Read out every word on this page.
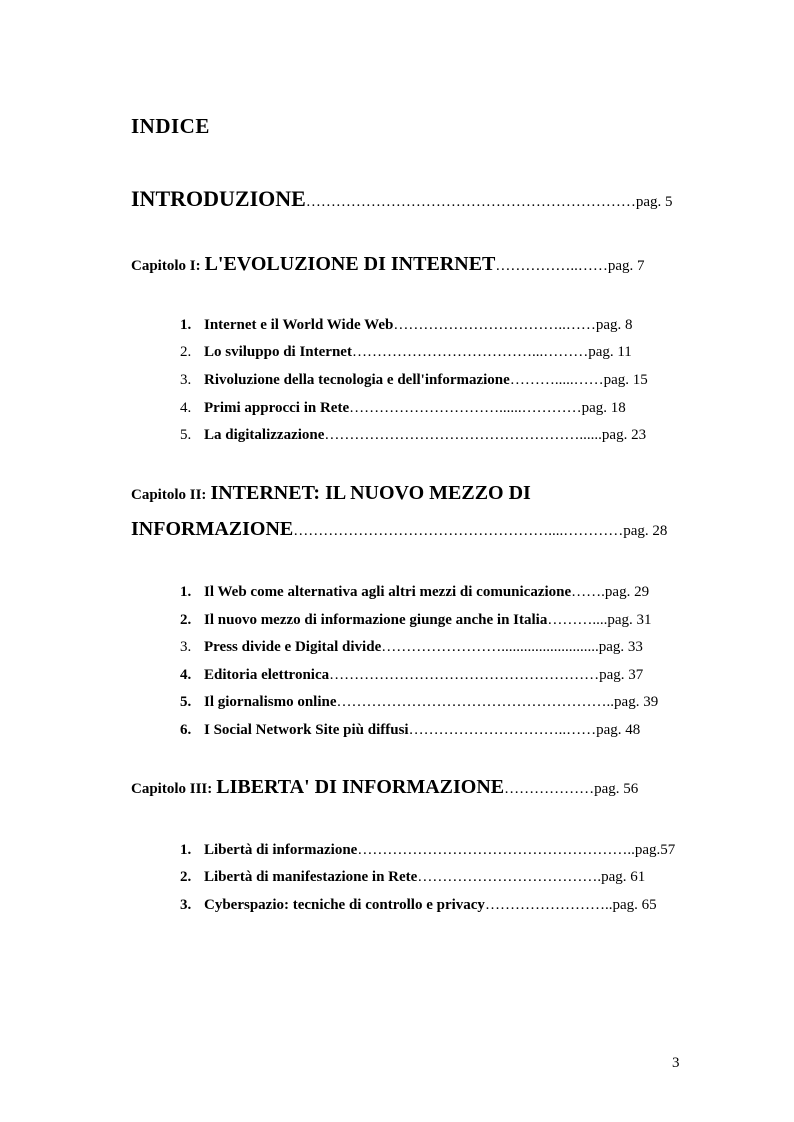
INDICE
INTRODUZIONE…………………………………………………………pag. 5
Capitolo I: L'EVOLUZIONE DI INTERNET……………..……pag. 7
1. Internet e il World Wide Web……………………………..……pag. 8
2. Lo sviluppo di Internet………………………………...………pag. 11
3. Rivoluzione della tecnologia e dell'informazione……….....……pag. 15
4. Primi approcci in Rete…………………………......…………pag. 18
5. La digitalizzazione……………………………………………......pag. 23
Capitolo II: INTERNET: IL NUOVO MEZZO DI
INFORMAZIONE……………………………………………....…………pag. 28
1. Il Web come alternativa agli altri mezzi di comunicazione…….pag. 29
2. Il nuovo mezzo di informazione giunge anche in Italia………....pag. 31
3. Press divide e Digital divide……………………..........................pag. 33
4. Editoria elettronica………………………………………………pag. 37
5. Il giornalismo online………………………………………………..pag. 39
6. I Social Network Site più diffusi…………………………..……pag. 48
Capitolo III: LIBERTA' DI INFORMAZIONE………………pag. 56
1. Libertà di informazione………………………………………………..pag.57
2. Libertà di manifestazione in Rete……………………………….pag. 61
3. Cyberspazio: tecniche di controllo e privacy……………………..pag. 65
3
